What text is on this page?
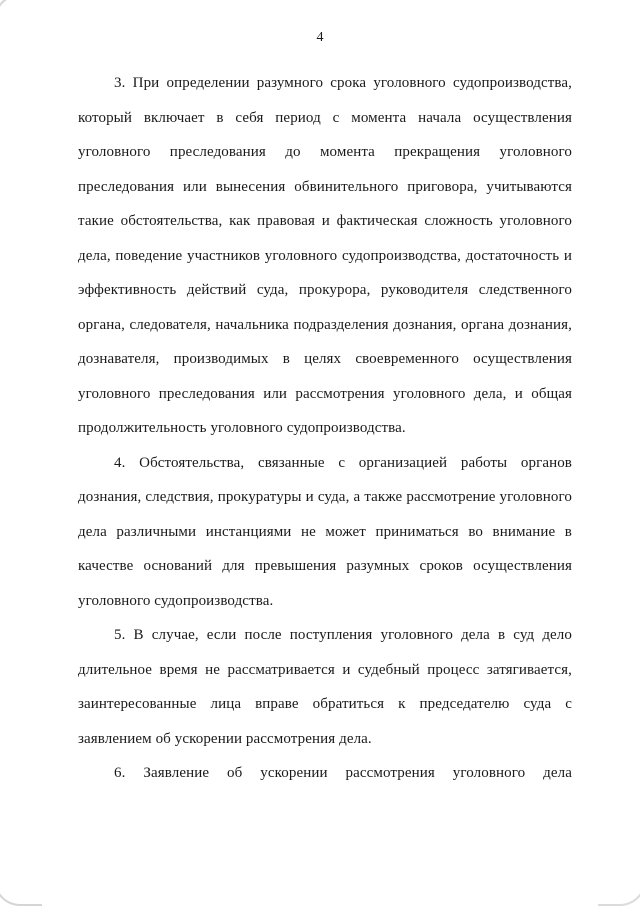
4

3. При определении разумного срока уголовного судопроизводства, который включает в себя период с момента начала осуществления уголовного преследования до момента прекращения уголовного преследования или вынесения обвинительного приговора, учитываются такие обстоятельства, как правовая и фактическая сложность уголовного дела, поведение участников уголовного судопроизводства, достаточность и эффективность действий суда, прокурора, руководителя следственного органа, следователя, начальника подразделения дознания, органа дознания, дознавателя, производимых в целях своевременного осуществления уголовного преследования или рассмотрения уголовного дела, и общая продолжительность уголовного судопроизводства.

4. Обстоятельства, связанные с организацией работы органов дознания, следствия, прокуратуры и суда, а также рассмотрение уголовного дела различными инстанциями не может приниматься во внимание в качестве оснований для превышения разумных сроков осуществления уголовного судопроизводства.

5. В случае, если после поступления уголовного дела в суд дело длительное время не рассматривается и судебный процесс затягивается, заинтересованные лица вправе обратиться к председателю суда с заявлением об ускорении рассмотрения дела.

6. Заявление об ускорении рассмотрения уголовного дела
